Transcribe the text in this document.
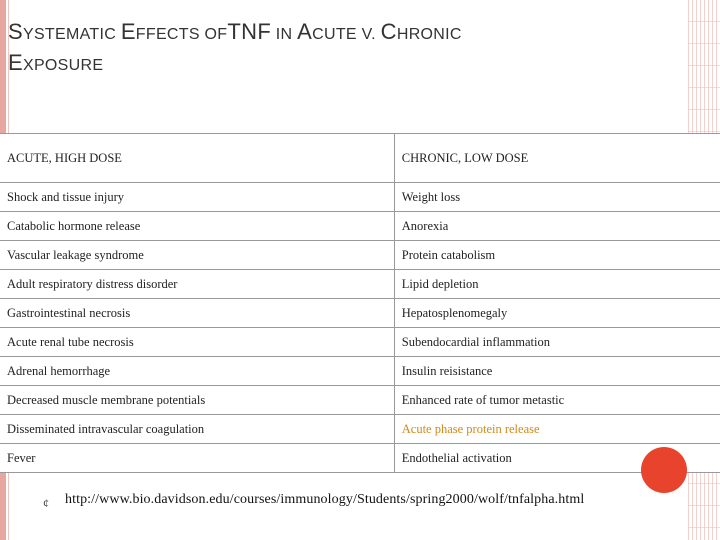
SYSTEMATIC EFFECTS OFTNF IN ACUTE V. CHRONIC
EXPOSURE
ACUTE, HIGH DOSE	CHRONIC, LOW DOSE
Shock and tissue injury	Weight loss
Catabolic hormone release	Anorexia
Vascular leakage syndrome	Protein catabolism
Adult respiratory distress disorder	Lipid depletion
Gastrointestinal necrosis	Hepatosplenomegaly
Acute renal tube necrosis	Subendocardial inflammation
Adrenal hemorrhage	Insulin reisistance
Decreased muscle membrane potentials	Enhanced rate of tumor metastic
Disseminated intravascular coagulation	Acute phase protein release
Fever	Endothelial activation
¢ http://www.bio.davidson.edu/courses/immunology/Students/spring2000/wolf/tnfalpha.html
